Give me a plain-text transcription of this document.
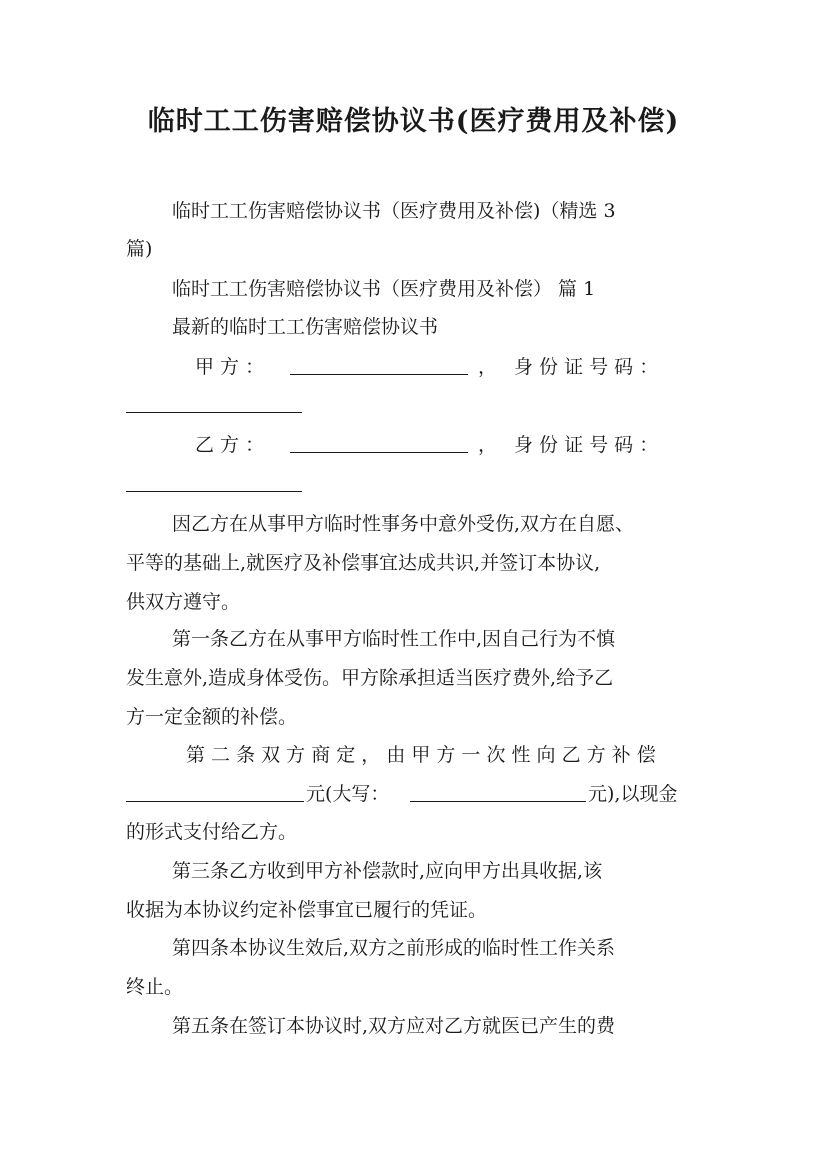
临时工工伤害赔偿协议书(医疗费用及补偿)
临时工工伤害赔偿协议书（医疗费用及补偿)（精选 3
篇)
临时工工伤害赔偿协议书（医疗费用及补偿） 篇 1
最新的临时工工伤害赔偿协议书
甲 方 ：	， 身 份 证 号 码 ：
乙 方 ：	， 身 份 证 号 码 ：
因乙方在从事甲方临时性事务中意外受伤,双方在自愿、
平等的基础上,就医疗及补偿事宜达成共识,并签订本协议,
供双方遵守。
第一条乙方在从事甲方临时性工作中,因自己行为不慎
发生意外,造成身体受伤。甲方除承担适当医疗费外,给予乙
方一定金额的补偿。
第 二 条 双 方 商 定 ， 由 甲 方 一 次 性 向 乙 方 补 偿
元(大写：	元),以现金
的形式支付给乙方。
第三条乙方收到甲方补偿款时,应向甲方出具收据,该
收据为本协议约定补偿事宜已履行的凭证。
第四条本协议生效后,双方之前形成的临时性工作关系
终止。
第五条在签订本协议时,双方应对乙方就医已产生的费
